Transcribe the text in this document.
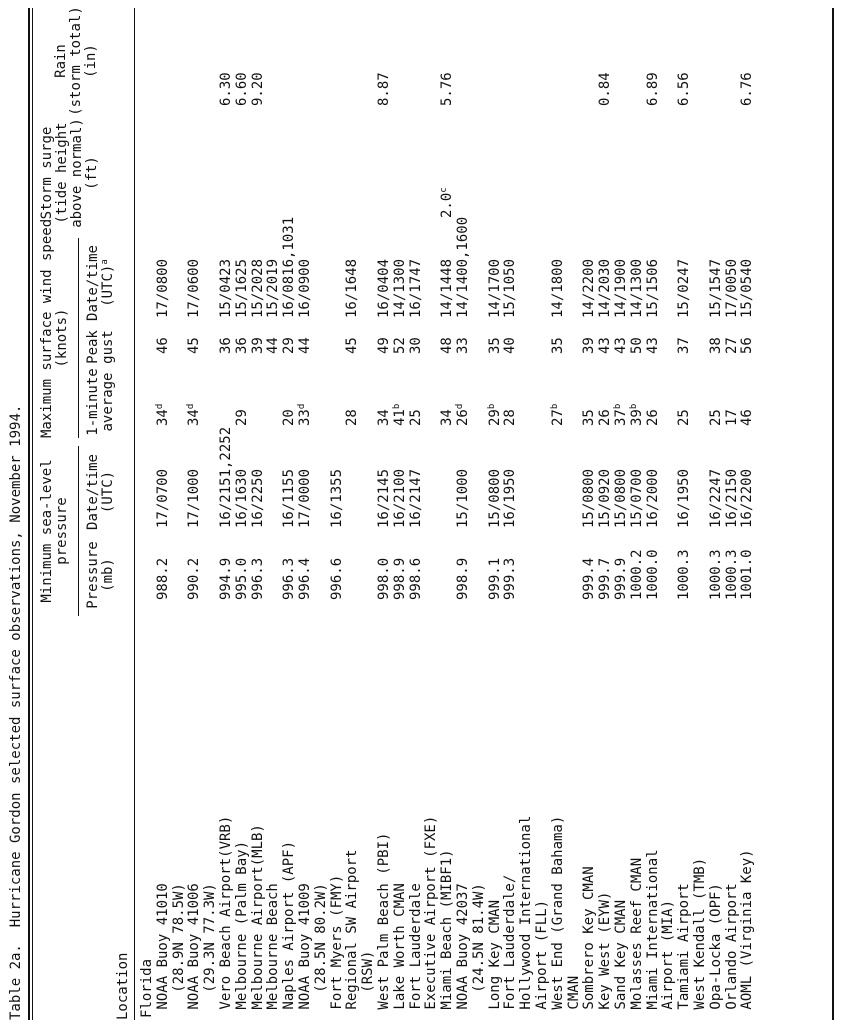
Table 2a.  Hurricane Gordon selected surface observations, November 1994.	Location
Minimum sea-level
pressure
Pressure
(mb)
Date/time
(UTC)
Maximum surface wind speed
(knots)
1-minute
average
Peak
gust
Date/time
(UTC)$^a$
Storm surge
(tide height
above normal)
(ft)
Rain
(storm total)
(in)
Florida NOAA Buoy 41010
988.2
17/0700
34$^d$
46
17/0800
(28.9N 78.5W) NOAA Buoy 41006
990.2
17/1000
34$^d$
45
17/0600
(29.3N 77.3W) Vero Beach Airport(VRB)
994.9
16/2151,2252
36
15/0423
6.30
Melbourne (Palm Bay)
995.0
16/1630
29
36
15/1625
6.60
Melbourne Airport(MLB)
996.3
16/2250
39
15/2028
9.20
Melbourne Beach
44
15/2019
Naples Airport (APF)
996.3
16/1155
20
29
16/0816,1031
NOAA Buoy 41009
996.4
17/0000
33$^d$
44
16/0900
(28.5N 80.2W) Fort Myers (FMY)
996.6
16/1355
Regional SW Airport
28
45
16/1648
(RSW) West Palm Beach (PBI)
998.0
16/2145
34
49
16/0404
8.87
Lake Worth CMAN
998.9
16/2100
41$^b$
52
14/1300
Fort Lauderdale
998.6
16/2147
25
30
16/1747
Executive Airport (FXE) Miami Beach (MIBF1)
34
48
14/1448
2.0$^c$
5.76
NOAA Buoy 42037
998.9
15/1000
26$^d$
33
14/1400,1600
(24.5N 81.4W) Long Key CMAN
999.1
15/0800
29$^b$
35
14/1700
Fort Lauderdale/
999.3
16/1950
28
40
15/1050
Hollywood International Airport (FLL) West End (Grand Bahama)
27$^b$
35
14/1800
CMAN Sombrero Key CMAN
999.4
15/0800
35
39
14/2200
Key West (EYW)
999.7
15/0920
26
43
14/2030
0.84
Sand Key CMAN
999.9
15/0800
37$^b$
43
14/1900
Molasses Reef CMAN
1000.2
15/0700
39$^b$
50
14/1300
Miami International
1000.0
16/2000
26
43
15/1506
6.89
Airport (MIA) Tamiami Airport
1000.3
16/1950
25
37
15/0247
6.56
West Kendall (TMB) Opa-Locka (OPF)
1000.3
16/2247
25
38
15/1547
Orlando Airport
1000.3
16/2150
17
27
17/0050
AOML (Virginia Key)
1001.0
16/2200
46
56
15/0540
6.76
